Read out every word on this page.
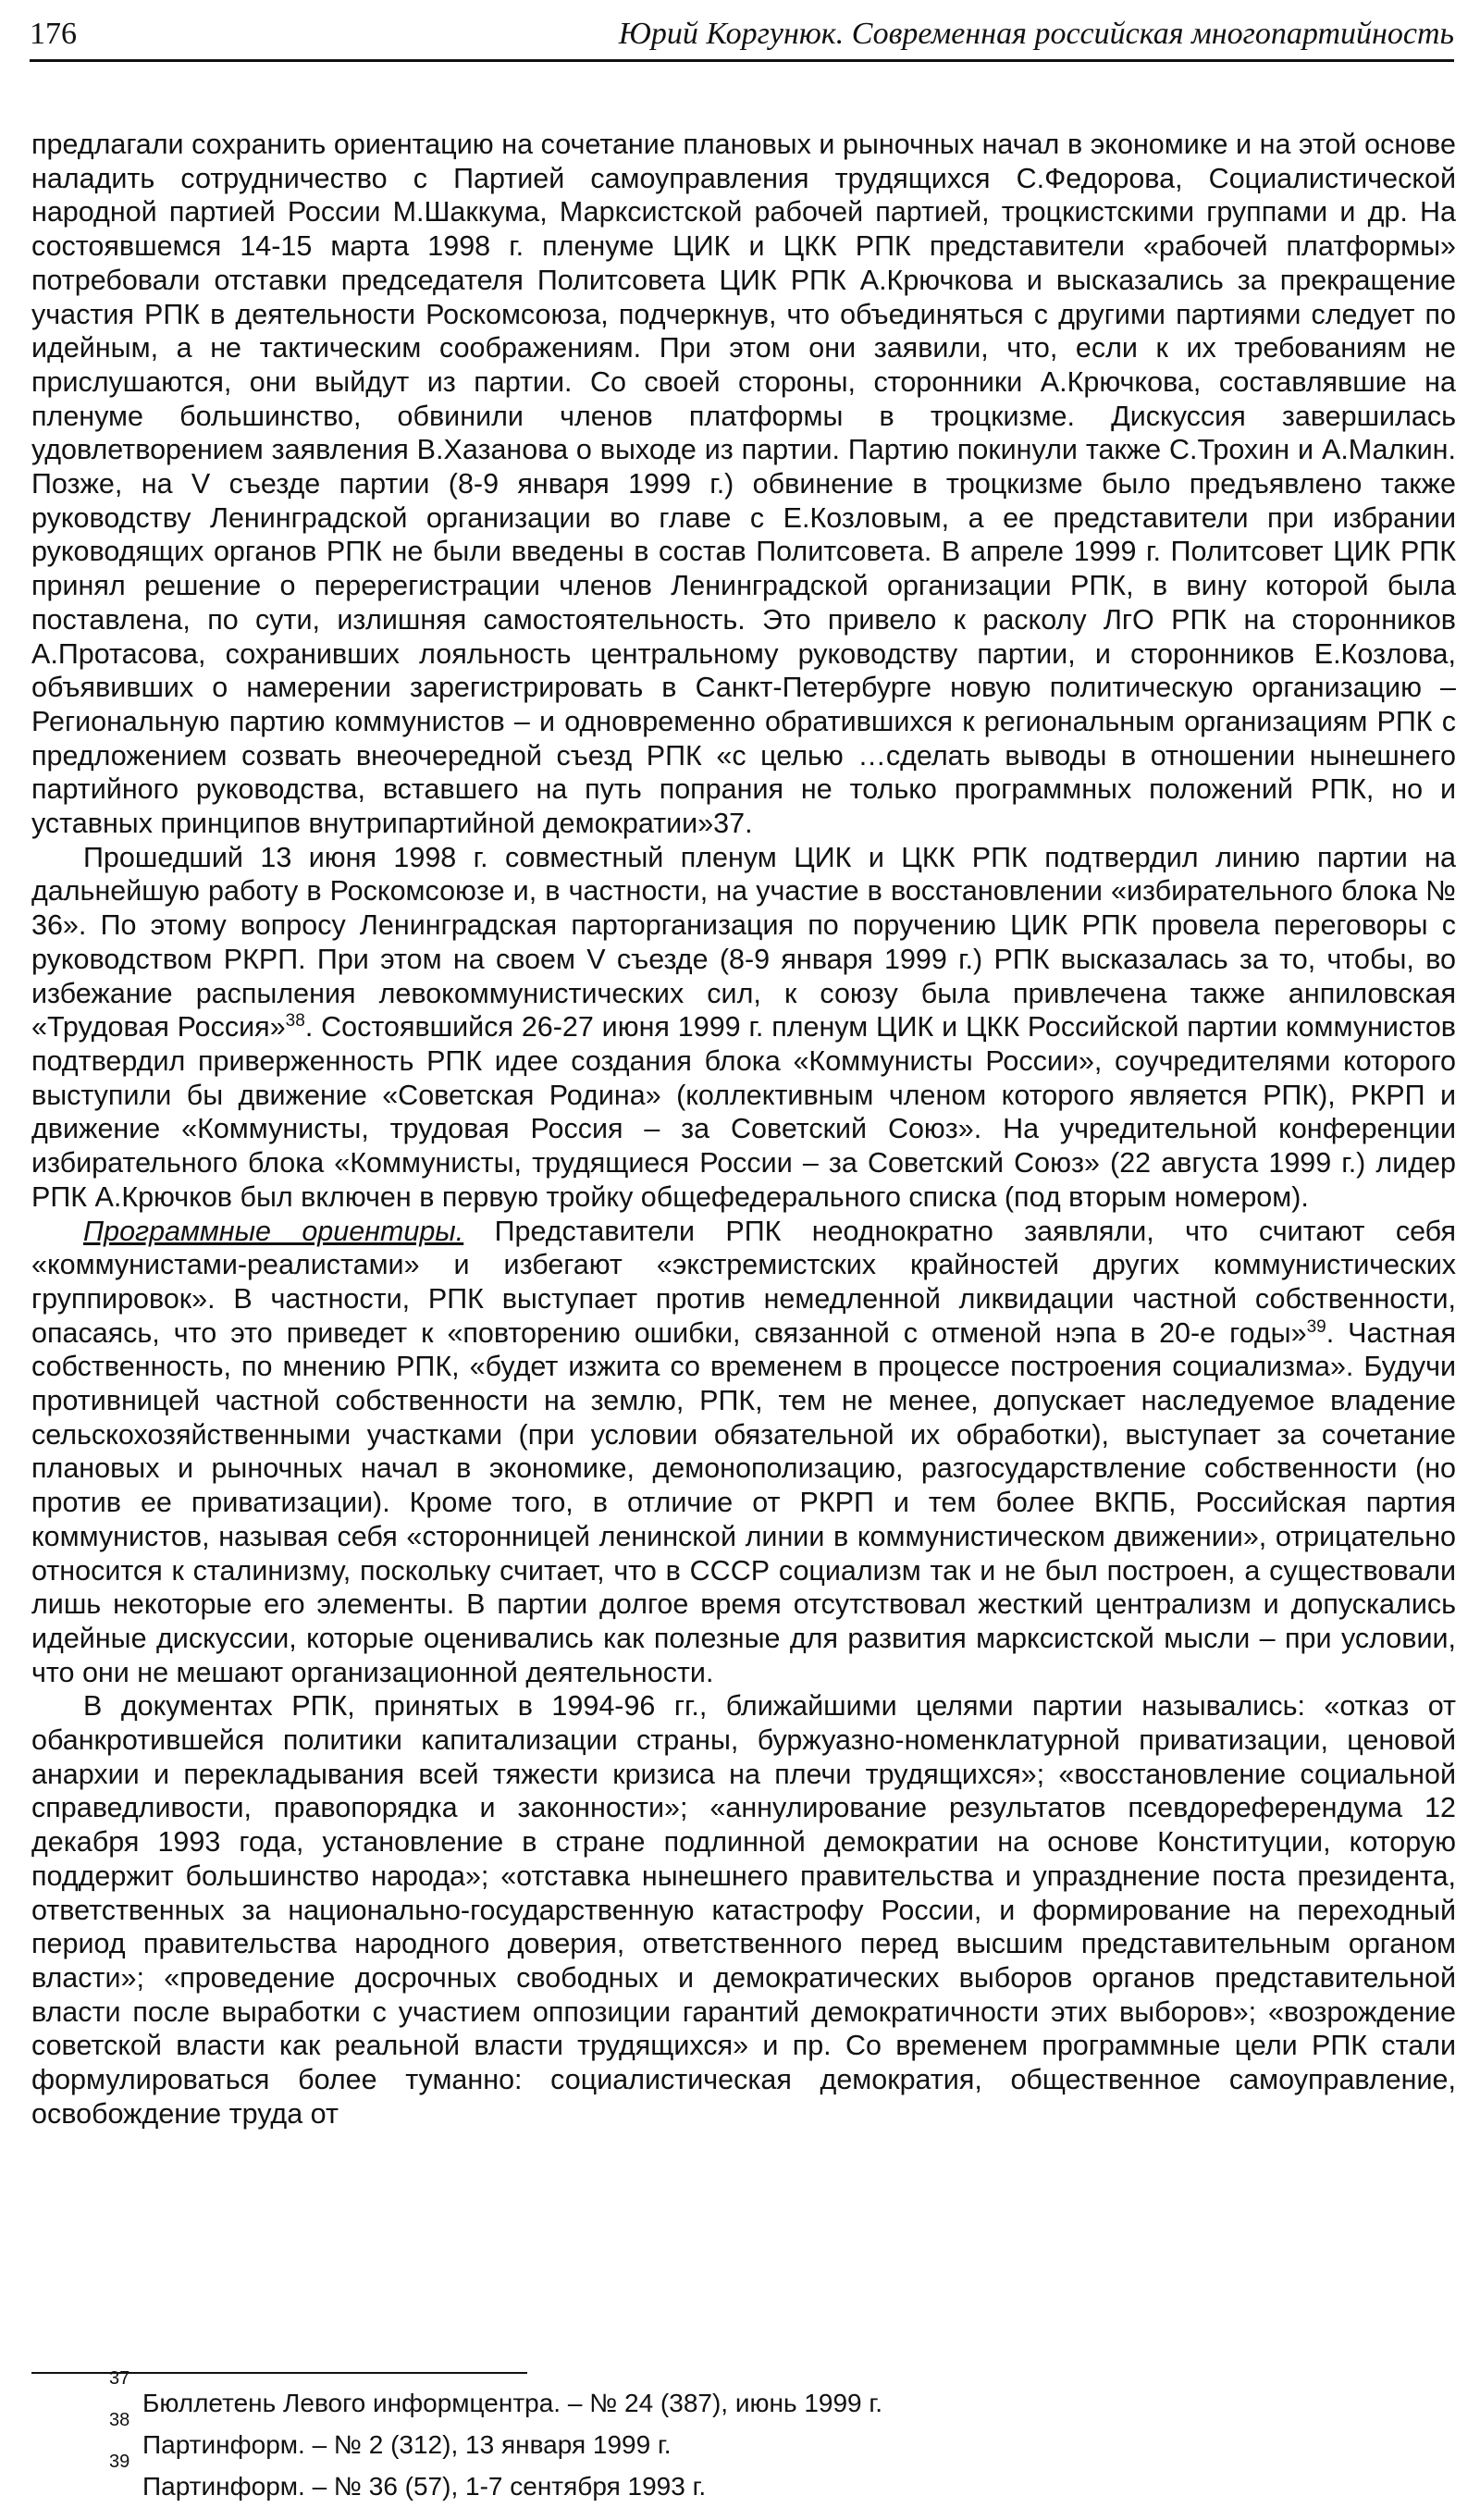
176	Юрий Коргунюк. Современная российская многопартийность

предлагали сохранить ориентацию на сочетание плановых и рыночных начал в экономике и на этой основе наладить сотрудничество с Партией самоуправления трудящихся С.Федорова, Социалистической народной партией России М.Шаккума, Марксистской рабочей партией, троцкистскими группами и др. На состоявшемся 14-15 марта 1998 г. пленуме ЦИК и ЦКК РПК представители «рабочей платформы» потребовали отставки председателя Политсовета ЦИК РПК А.Крючкова и высказались за прекращение участия РПК в деятельности Роскомсоюза, подчеркнув, что объединяться с другими партиями следует по идейным, а не тактическим соображениям. При этом они заявили, что, если к их требованиям не прислушаются, они выйдут из партии. Со своей стороны, сторонники А.Крючкова, составлявшие на пленуме большинство, обвинили членов платформы в троцкизме. Дискуссия завершилась удовлетворением заявления В.Хазанова о выходе из партии. Партию покинули также С.Трохин и А.Малкин. Позже, на V съезде партии (8-9 января 1999 г.) обвинение в троцкизме было предъявлено также руководству Ленинградской организации во главе с Е.Козловым, а ее представители при избрании руководящих органов РПК не были введены в состав Политсовета. В апреле 1999 г. Политсовет ЦИК РПК принял решение о перерегистрации членов Ленинградской организации РПК, в вину которой была поставлена, по сути, излишняя самостоятельность. Это привело к расколу ЛгО РПК на сторонников А.Протасова, сохранивших лояльность центральному руководству партии, и сторонников Е.Козлова, объявивших о намерении зарегистрировать в Санкт-Петербурге новую политическую организацию – Региональную партию коммунистов – и одновременно обратившихся к региональным организациям РПК с предложением созвать внеочередной съезд РПК «с целью …сделать выводы в отношении нынешнего партийного руководства, вставшего на путь попрания не только программных положений РПК, но и уставных принципов внутрипартийной демократии»37.

Прошедший 13 июня 1998 г. совместный пленум ЦИК и ЦКК РПК подтвердил линию партии на дальнейшую работу в Роскомсоюзе и, в частности, на участие в восстановлении «избирательного блока № 36». По этому вопросу Ленинградская парторганизация по поручению ЦИК РПК провела переговоры с руководством РКРП. При этом на своем V съезде (8-9 января 1999 г.) РПК высказалась за то, чтобы, во избежание распыления левокоммунистических сил, к союзу была привлечена также анпиловская «Трудовая Россия»$^{38}$. Состоявшийся 26-27 июня 1999 г. пленум ЦИК и ЦКК Российской партии коммунистов подтвердил приверженность РПК идее создания блока «Коммунисты России», соучредителями которого выступили бы движение «Советская Родина» (коллективным членом которого является РПК), РКРП и движение «Коммунисты, трудовая Россия – за Советский Союз». На учредительной конференции избирательного блока «Коммунисты, трудящиеся России – за Советский Союз» (22 августа 1999 г.) лидер РПК А.Крючков был включен в первую тройку общефедерального списка (под вторым номером).

Программные ориентиры. Представители РПК неоднократно заявляли, что считают себя «коммунистами-реалистами» и избегают «экстремистских крайностей других коммунистических группировок». В частности, РПК выступает против немедленной ликвидации частной собственности, опасаясь, что это приведет к «повторению ошибки, связанной с отменой нэпа в 20-е годы»$^{39}$. Частная собственность, по мнению РПК, «будет изжита со временем в процессе построения социализма». Будучи противницей частной собственности на землю, РПК, тем не менее, допускает наследуемое владение сельскохозяйственными участками (при условии обязательной их обработки), выступает за сочетание плановых и рыночных начал в экономике, демонополизацию, разгосударствление собственности (но против ее приватизации). Кроме того, в отличие от РКРП и тем более ВКПБ, Российская партия коммунистов, называя себя «сторонницей ленинской линии в коммунистическом движении», отрицательно относится к сталинизму, поскольку считает, что в СССР социализм так и не был построен, а существовали лишь некоторые его элементы. В партии долгое время отсутствовал жесткий централизм и допускались идейные дискуссии, которые оценивались как полезные для развития марксистской мысли – при условии, что они не мешают организационной деятельности.

В документах РПК, принятых в 1994-96 гг., ближайшими целями партии назывались: «отказ от обанкротившейся политики капитализации страны, буржуазно-номенклатурной приватизации, ценовой анархии и перекладывания всей тяжести кризиса на плечи трудящихся»; «восстановление социальной справедливости, правопорядка и законности»; «аннулирование результатов псевдореферендума 12 декабря 1993 года, установление в стране подлинной демократии на основе Конституции, которую поддержит большинство народа»; «отставка нынешнего правительства и упразднение поста президента, ответственных за национально-государственную катастрофу России, и формирование на переходный период правительства народного доверия, ответственного перед высшим представительным органом власти»; «проведение досрочных свободных и демократических выборов органов представительной власти после выработки с участием оппозиции гарантий демократичности этих выборов»; «возрождение советской власти как реальной власти трудящихся» и пр. Со временем программные цели РПК стали формулироваться более туманно: социалистическая демократия, общественное самоуправление, освобождение труда от

37
Бюллетень Левого информцентра. – № 24 (387), июнь 1999 г.
38
Партинформ. – № 2 (312), 13 января 1999 г.
39
Партинформ. – № 36 (57), 1-7 сентября 1993 г.
